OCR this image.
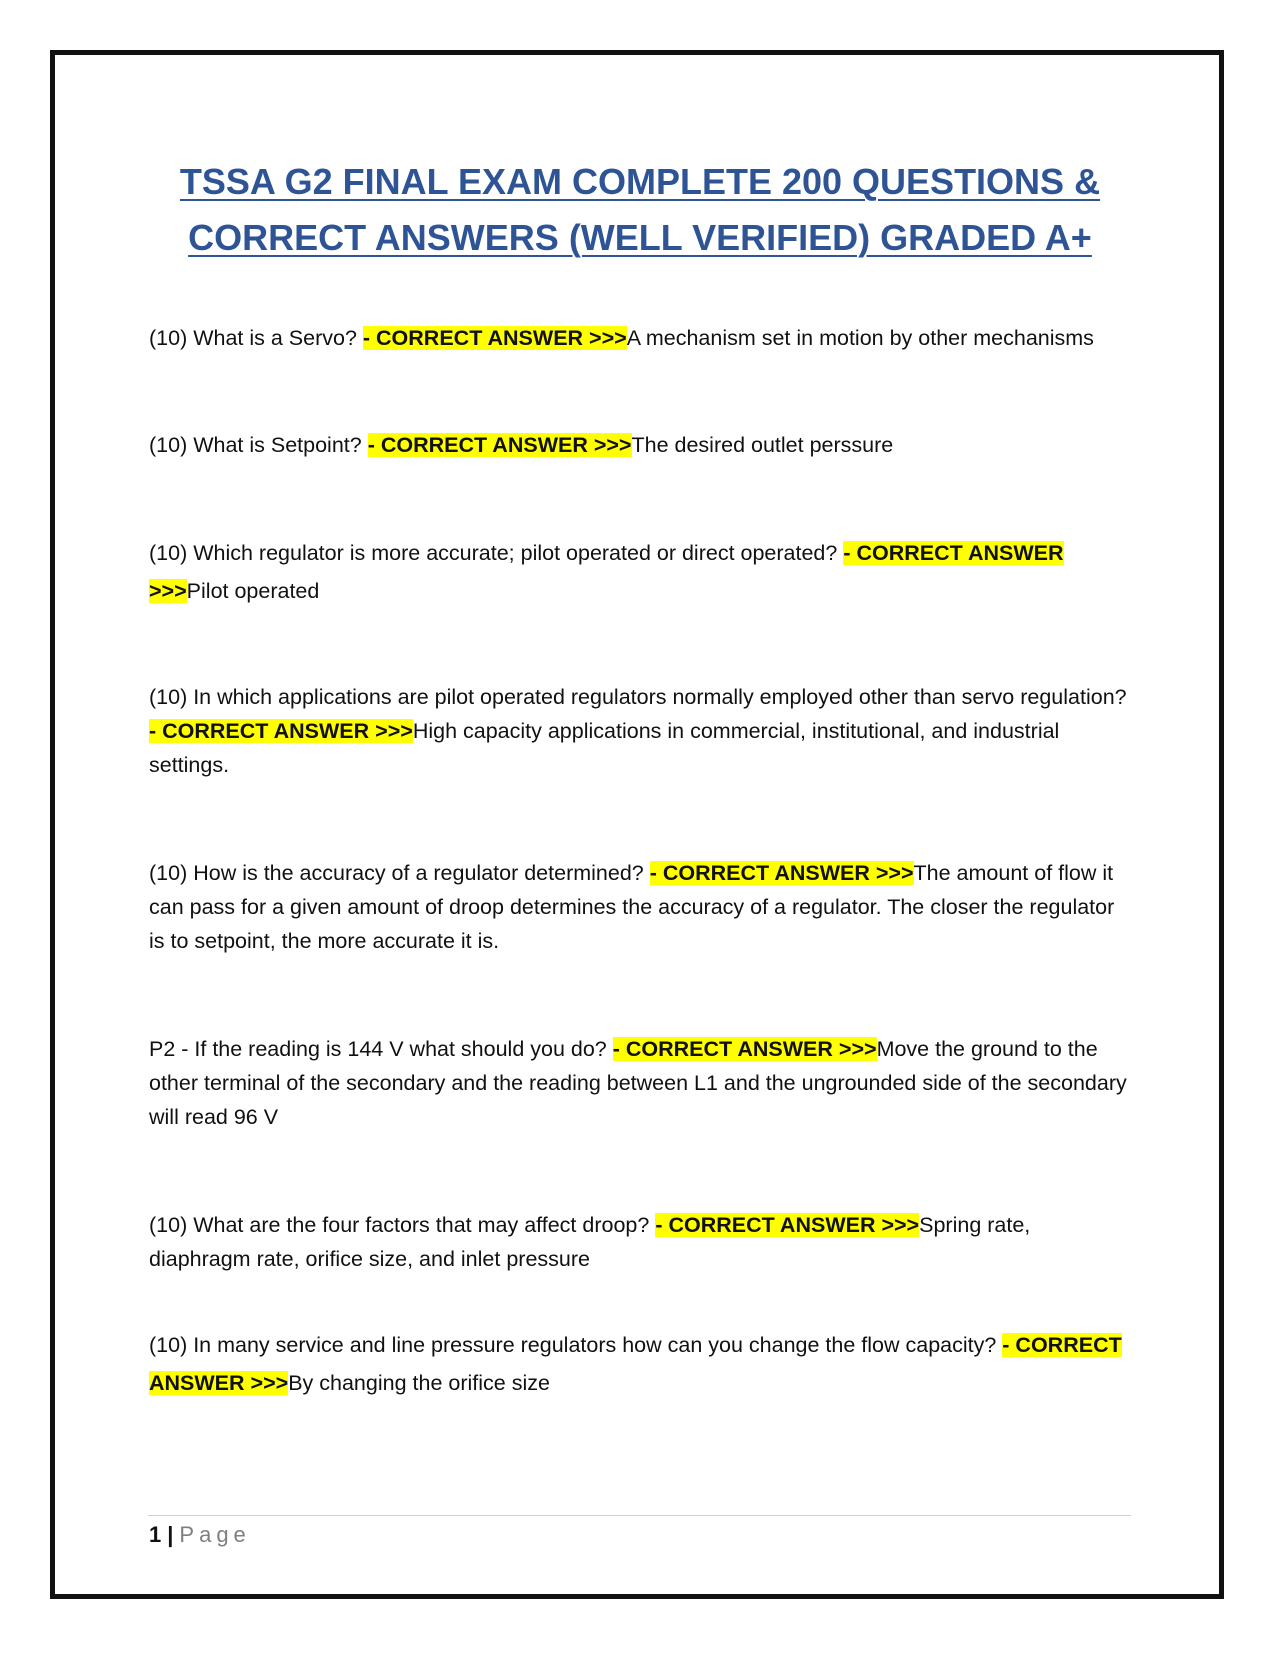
TSSA G2 FINAL EXAM COMPLETE 200 QUESTIONS & CORRECT ANSWERS (WELL VERIFIED) GRADED A+

(10) What is a Servo? - CORRECT ANSWER >>>A mechanism set in motion by other mechanisms

(10) What is Setpoint? - CORRECT ANSWER >>>The desired outlet perssure

(10) Which regulator is more accurate; pilot operated or direct operated? - CORRECT ANSWER >>>Pilot operated

(10) In which applications are pilot operated regulators normally employed other than servo regulation? - CORRECT ANSWER >>>High capacity applications in commercial, institutional, and industrial settings.

(10) How is the accuracy of a regulator determined? - CORRECT ANSWER >>>The amount of flow it can pass for a given amount of droop determines the accuracy of a regulator. The closer the regulator is to setpoint, the more accurate it is.

P2 - If the reading is 144 V what should you do? - CORRECT ANSWER >>>Move the ground to the other terminal of the secondary and the reading between L1 and the ungrounded side of the secondary will read 96 V

(10) What are the four factors that may affect droop? - CORRECT ANSWER >>>Spring rate, diaphragm rate, orifice size, and inlet pressure

(10) In many service and line pressure regulators how can you change the flow capacity? - CORRECT ANSWER >>>By changing the orifice size

1 | Page
